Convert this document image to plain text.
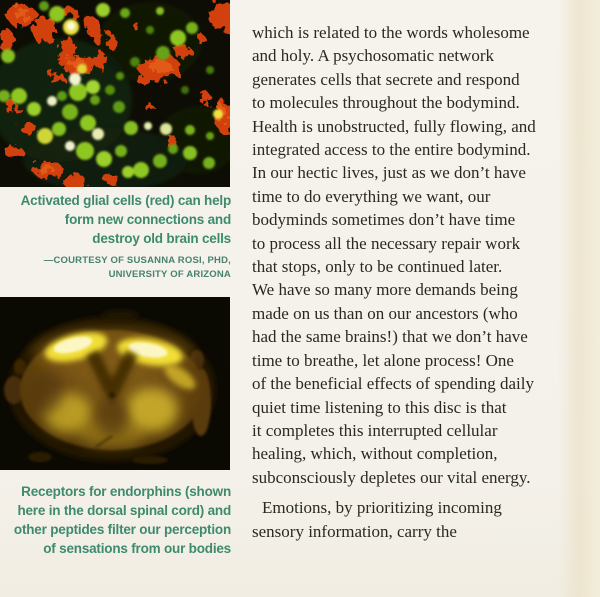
Activated glial cells (red) can help
form new connections and
destroy old brain cells
—COURTESY OF SUSANNA ROSI, PHD,
UNIVERSITY OF ARIZONA
Receptors for endorphins (shown
here in the dorsal spinal cord) and
other peptides filter our perception
of sensations from our bodies
which is related to the words wholesome
and holy. A psychosomatic network
generates cells that secrete and respond
to molecules throughout the bodymind.
Health is unobstructed, fully flowing, and
integrated access to the entire bodymind.
In our hectic lives, just as we don’t have
time to do everything we want, our
bodyminds sometimes don’t have time
to process all the necessary repair work
that stops, only to be continued later.
We have so many more demands being
made on us than on our ancestors (who
had the same brains!) that we don’t have
time to breathe, let alone process! One
of the beneficial effects of spending daily
quiet time listening to this disc is that
it completes this interrupted cellular
healing, which, without completion,
subconsciously depletes our vital energy.
Emotions, by prioritizing incoming
sensory information, carry the
